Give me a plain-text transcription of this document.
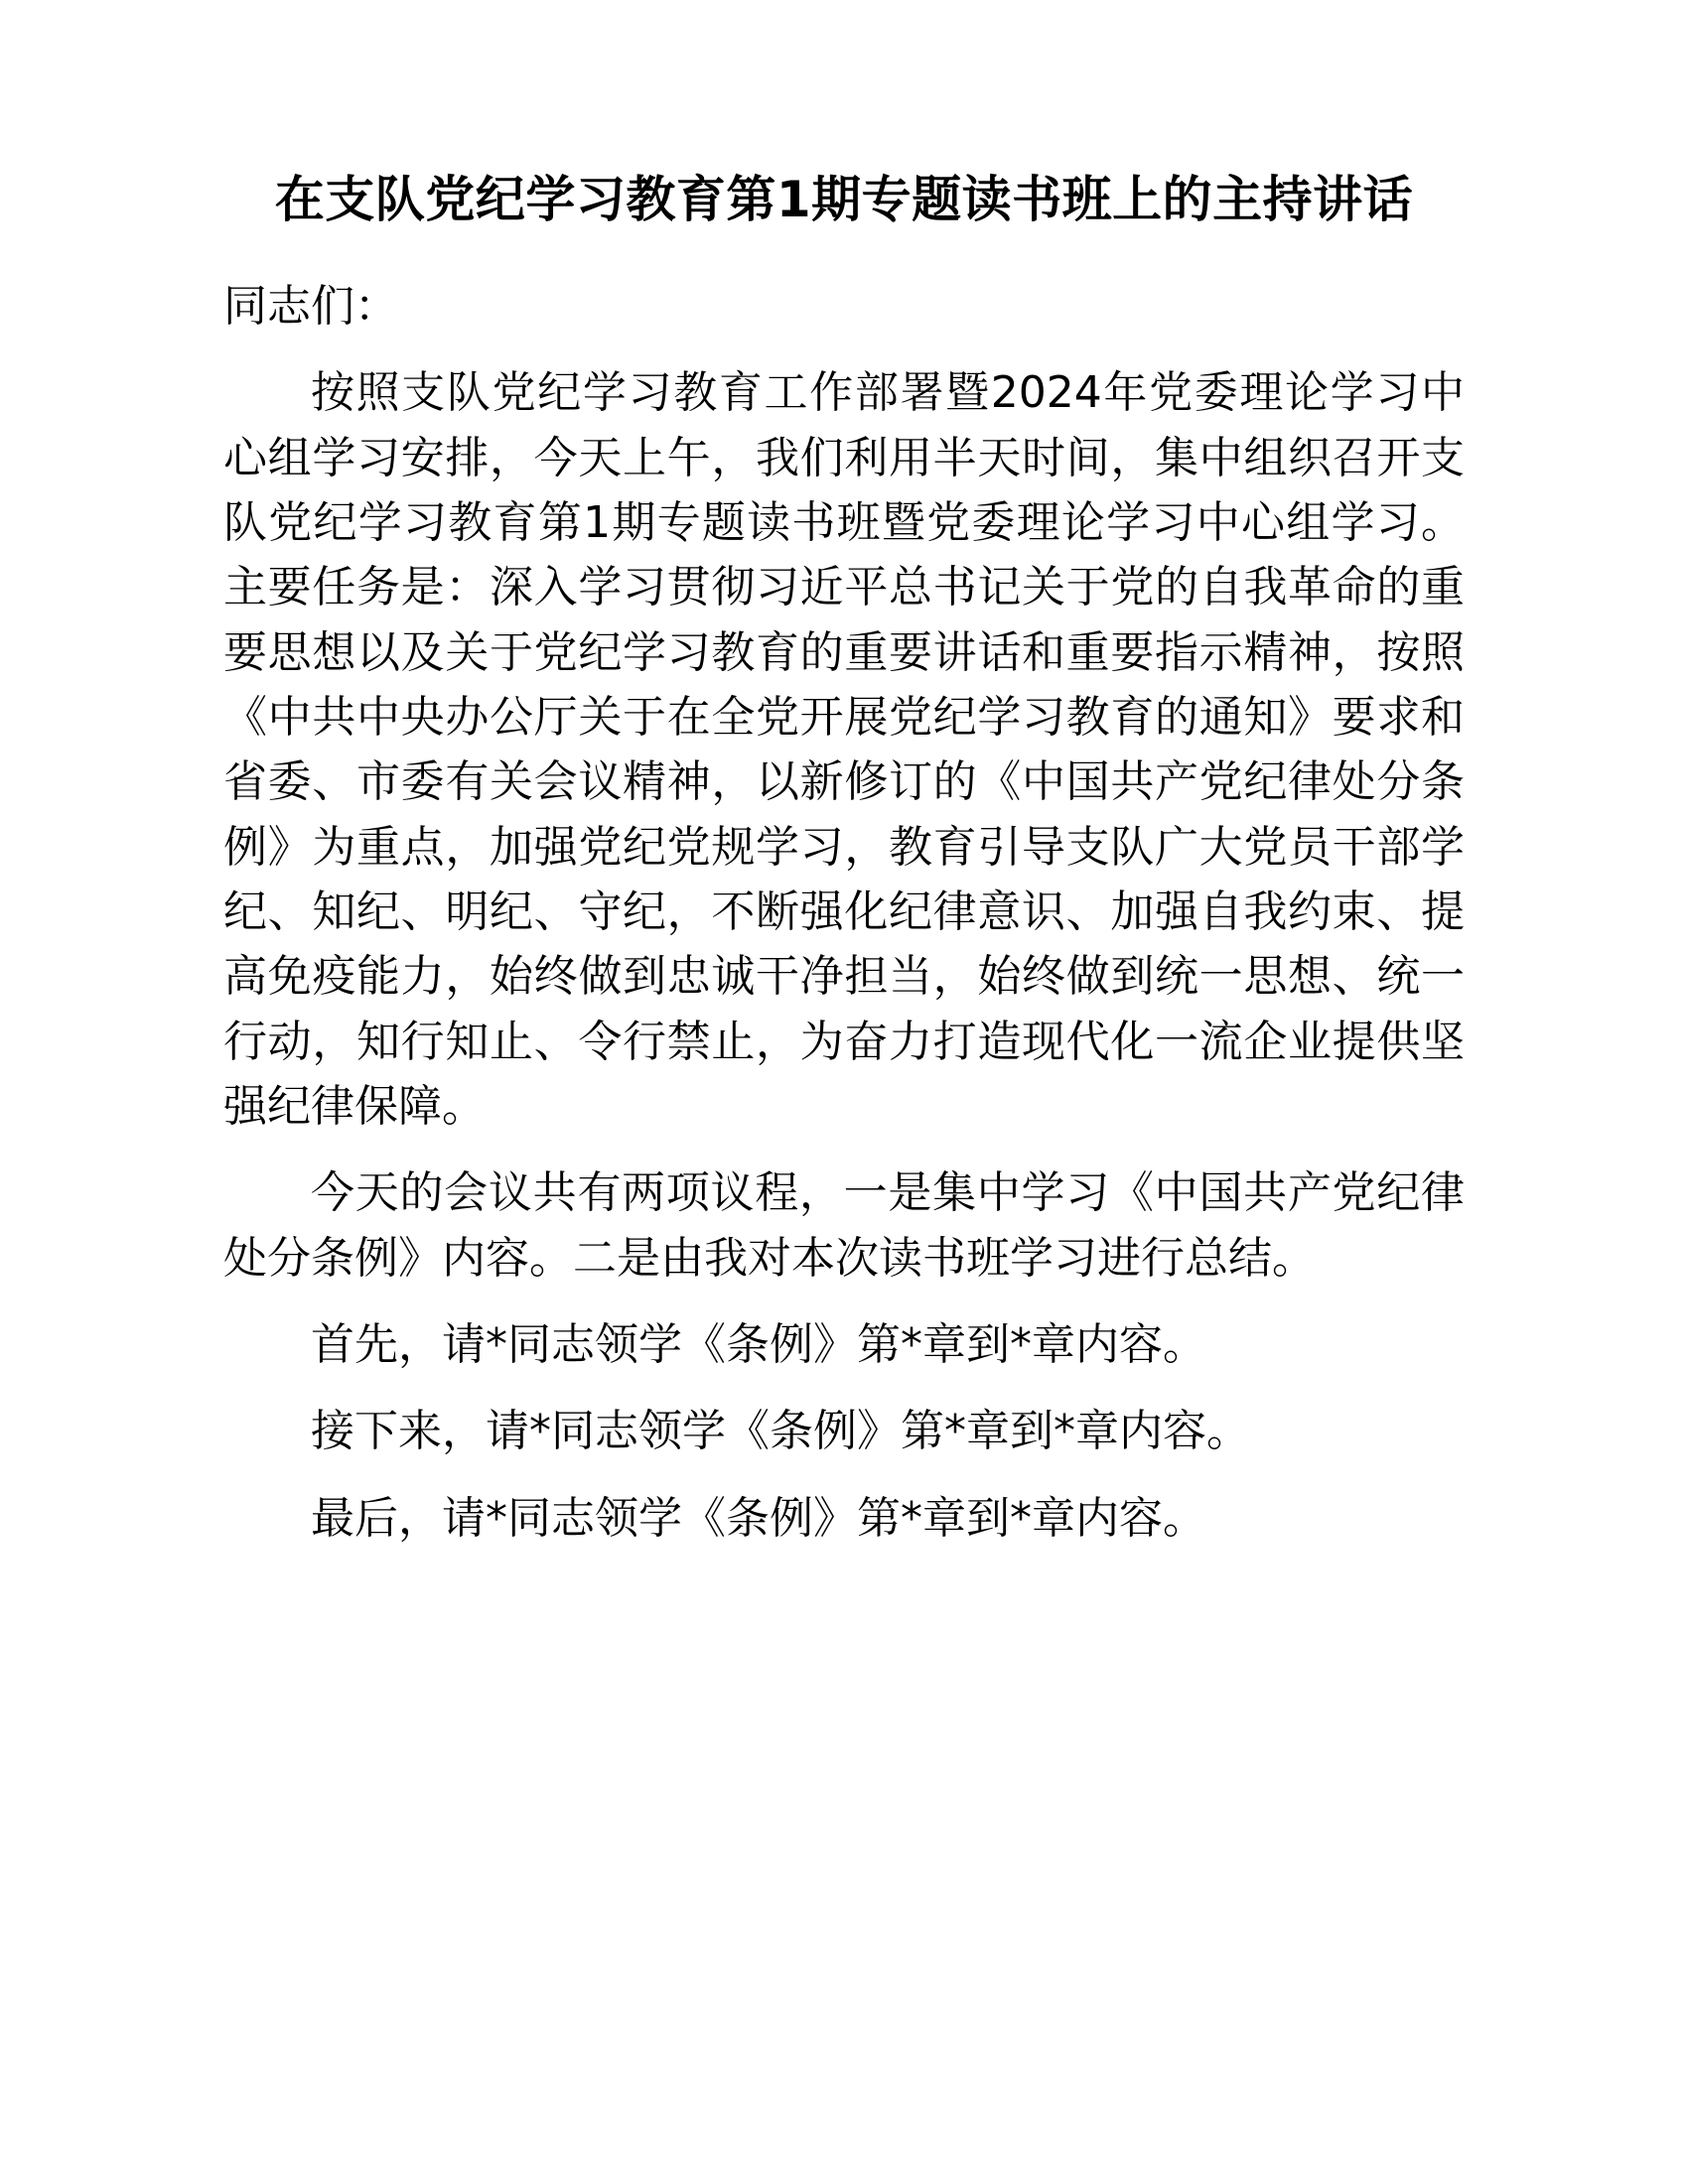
在支队党纪学习教育第1期专题读书班上的主持讲话

同志们：

按照支队党纪学习教育工作部署暨2024年党委理论学习中心组学习安排，今天上午，我们利用半天时间，集中组织召开支队党纪学习教育第1期专题读书班暨党委理论学习中心组学习。主要任务是：深入学习贯彻习近平总书记关于党的自我革命的重要思想以及关于党纪学习教育的重要讲话和重要指示精神，按照《中共中央办公厅关于在全党开展党纪学习教育的通知》要求和省委、市委有关会议精神，以新修订的《中国共产党纪律处分条例》为重点，加强党纪党规学习，教育引导支队广大党员干部学纪、知纪、明纪、守纪，不断强化纪律意识、加强自我约束、提高免疫能力，始终做到忠诚干净担当，始终做到统一思想、统一行动，知行知止、令行禁止，为奋力打造现代化一流企业提供坚强纪律保障。

今天的会议共有两项议程，一是集中学习《中国共产党纪律处分条例》内容。二是由我对本次读书班学习进行总结。

首先，请*同志领学《条例》第*章到*章内容。

接下来，请*同志领学《条例》第*章到*章内容。

最后，请*同志领学《条例》第*章到*章内容。
